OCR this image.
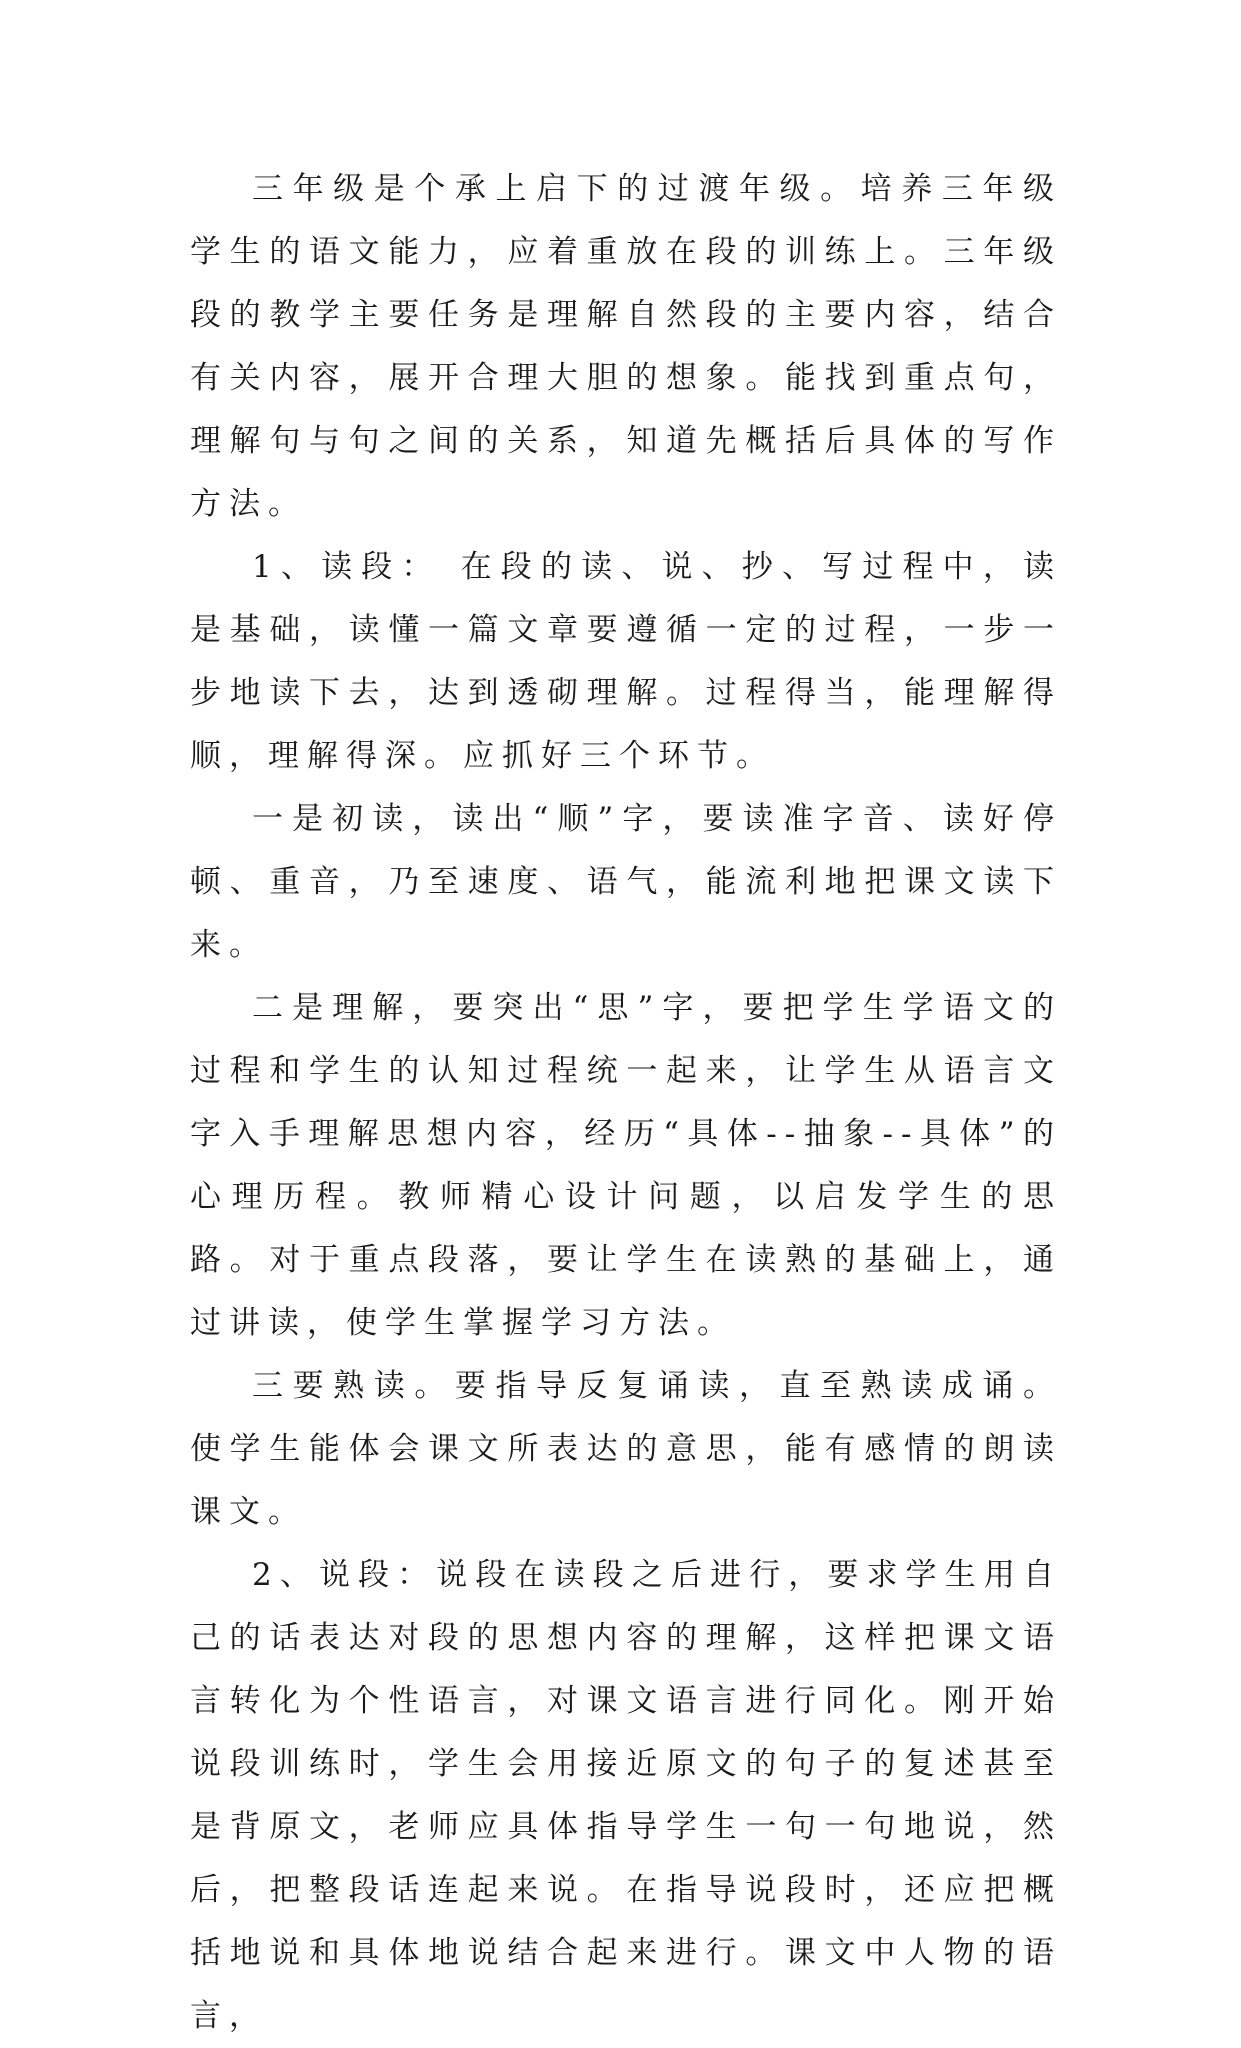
三年级是个承上启下的过渡年级。培养三年级学生的语文能力，应着重放在段的训练上。三年级段的教学主要任务是理解自然段的主要内容，结合有关内容，展开合理大胆的想象。能找到重点句，理解句与句之间的关系，知道先概括后具体的写作方法。

1、读段： 在段的读、说、抄、写过程中，读是基础，读懂一篇文章要遵循一定的过程，一步一步地读下去，达到透砌理解。过程得当，能理解得顺，理解得深。应抓好三个环节。

一是初读，读出“顺”字，要读准字音、读好停顿、重音，乃至速度、语气，能流利地把课文读下来。

二是理解，要突出“思”字，要把学生学语文的过程和学生的认知过程统一起来，让学生从语言文字入手理解思想内容，经历“具体--抽象--具体”的心理历程。教师精心设计问题，以启发学生的思路。对于重点段落，要让学生在读熟的基础上，通过讲读，使学生掌握学习方法。

三要熟读。要指导反复诵读，直至熟读成诵。使学生能体会课文所表达的意思，能有感情的朗读课文。

2、说段：说段在读段之后进行，要求学生用自己的话表达对段的思想内容的理解，这样把课文语言转化为个性语言，对课文语言进行同化。刚开始说段训练时，学生会用接近原文的句子的复述甚至是背原文，老师应具体指导学生一句一句地说，然后，把整段话连起来说。在指导说段时，还应把概括地说和具体地说结合起来进行。课文中人物的语言，
